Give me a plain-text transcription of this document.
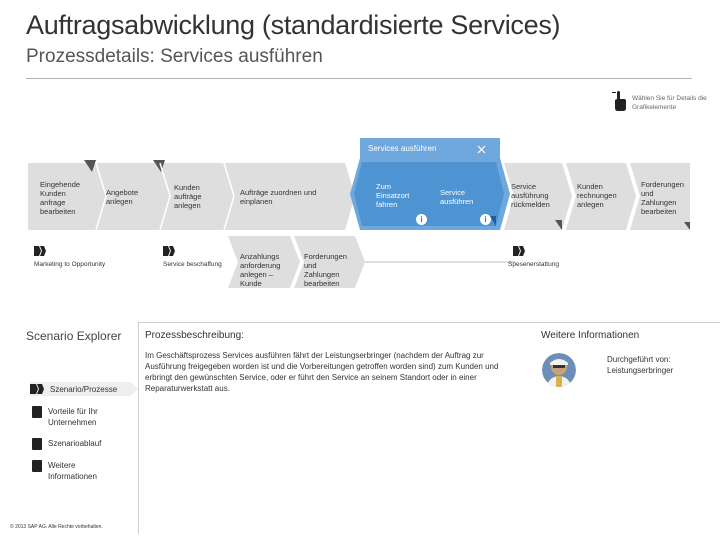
Auftragsabwicklung (standardisierte Services)
Prozessdetails: Services ausführen
Wählen Sie für Details die Grafikelemente
Services ausführen
Eingehende Kunden anfrage bearbeiten
Angebote anlegen
Kunden aufträge anlegen
Aufträge zuordnen und einplanen
Zum Einsatzort fahren
Service ausführen
Service ausführung rückmelden
Kunden rechnungen anlegen
Forderungen und Zahlungen bearbeiten
i	i
Anzahlungs anforderung anlegen – Kunde
Forderungen und Zahlungen bearbeiten
Marketing to Opportunity	Service beschaffung	Spesenerstattung
Scenario Explorer
Szenario/Prozesse
Vorteile für Ihr Unternehmen
Szenarioablauf
Weitere Informationen
© 2013 SAP AG. Alle Rechte vorbehalten.
Prozessbeschreibung:
Im Geschäftsprozess Services ausführen fährt der Leistungserbringer (nachdem der Auftrag zur Ausführung freigegeben worden ist und die Vorbereitungen getroffen worden sind) zum Kunden und erbringt den gewünschten Service, oder er führt den Service an seinem Standort oder in einer Reparaturwerkstatt aus.
Weitere Informationen
Durchgeführt von: Leistungserbringer
